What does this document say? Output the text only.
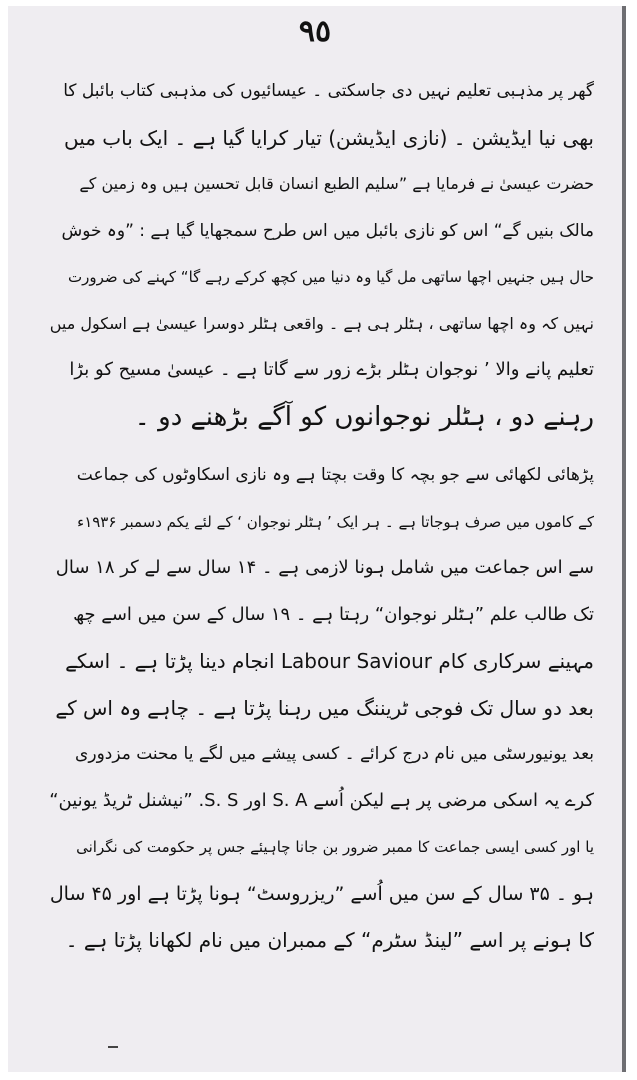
٩٥
گھر پر مذہبی تعلیم نہیں دی جاسکتی ۔ عیسائیوں کی مذہبی کتاب بائبل کا
بھی نیا ایڈیشن ۔ (نازی ایڈیشن) تیار کرایا گیا ہے ۔ ایک باب میں
حضرت عیسیٰ نے فرمایا ہے ”سلیم الطبع انسان قابل تحسین ہیں وہ زمین کے
مالک بنیں گے“ اس کو نازی بائبل میں اس طرح سمجھایا گیا ہے : ”وہ خوش
حال ہیں جنہیں اچھا ساتھی مل گیا وہ دنیا میں کچھ کرکے رہے گا“ کہنے کی ضرورت
نہیں کہ وہ اچھا ساتھی ، ہٹلر ہی ہے ۔ واقعی ہٹلر دوسرا عیسیٰ ہے اسکول میں
تعلیم پانے والا ’ نوجوان ہٹلر بڑے زور سے گاتا ہے ۔ عیسیٰ مسیح کو بڑا
رہنے دو ، ہٹلر نوجوانوں کو آگے بڑھنے دو ۔
پڑھائی لکھائی سے جو بچہ کا وقت بچتا ہے وہ نازی اسکاوٹوں کی جماعت
کے کاموں میں صرف ہوجاتا ہے ۔ ہر ایک ’ ہٹلر نوجوان ‘ کے لئے یکم دسمبر ۱۹۳۶ء
سے اس جماعت میں شامل ہونا لازمی ہے ۔ ۱۴ سال سے لے کر ۱۸ سال
تک طالب علم ”ہٹلر نوجوان“ رہتا ہے ۔ ۱۹ سال کے سن میں اسے چھ
مہینے سرکاری کام Labour Saviour انجام دینا پڑتا ہے ۔ اسکے
بعد دو سال تک فوجی ٹریننگ میں رہنا پڑتا ہے ۔ چاہے وہ اس کے
بعد یونیورسٹی میں نام درج کرائے ۔ کسی پیشے میں لگے یا محنت مزدوری
کرے یہ اسکی مرضی پر ہے لیکن اُسے S. A اور S. S. ”نیشنل ٹریڈ یونین“
یا اور کسی ایسی جماعت کا ممبر ضرور بن جانا چاہیئے جس پر حکومت کی نگرانی
ہو ۔ ۳۵ سال کے سن میں اُسے ”ریزروسٹ“ ہونا پڑتا ہے اور ۴۵ سال
کا ہونے پر اسے ”لینڈ سٹرم“ کے ممبران میں نام لکھانا پڑتا ہے ۔
